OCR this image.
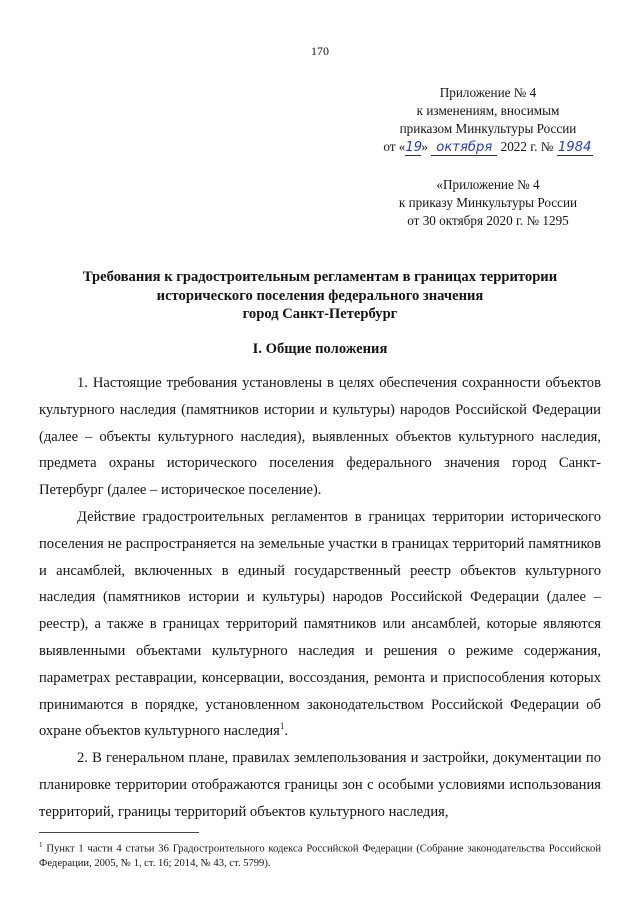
170
Приложение № 4
к изменениям, вносимым
приказом Минкультуры России
от «19» октября 2022 г. № 1984
«Приложение № 4
к приказу Минкультуры России
от 30 октября 2020 г. № 1295
Требования к градостроительным регламентам в границах территории
исторического поселения федерального значения
город Санкт-Петербург
I. Общие положения

1. Настоящие требования установлены в целях обеспечения сохранности объектов культурного наследия (памятников истории и культуры) народов Российской Федерации (далее – объекты культурного наследия), выявленных объектов культурного наследия, предмета охраны исторического поселения федерального значения город Санкт- Петербург (далее – историческое поселение).

Действие градостроительных регламентов в границах территории исторического поселения не распространяется на земельные участки в границах территорий памятников и ансамблей, включенных в единый государственный реестр объектов культурного наследия (памятников истории и культуры) народов Российской Федерации (далее – реестр), а также в границах территорий памятников или ансамблей, которые являются выявленными объектами культурного наследия и решения о режиме содержания, параметрах реставрации, консервации, воссоздания, ремонта и приспособления которых принимаются в порядке, установленном законодательством Российской Федерации об охране объектов культурного наследия$^1$.

2. В генеральном плане, правилах землепользования и застройки, документации по планировке территории отображаются границы зон с особыми условиями использования территорий, границы территорий объектов культурного наследия,

$^1$ Пункт 1 части 4 статьи 36 Градостроительного кодекса Российской Федерации (Собрание законодательства Российской Федерации, 2005, № 1, ст. 16; 2014, № 43, ст. 5799).
